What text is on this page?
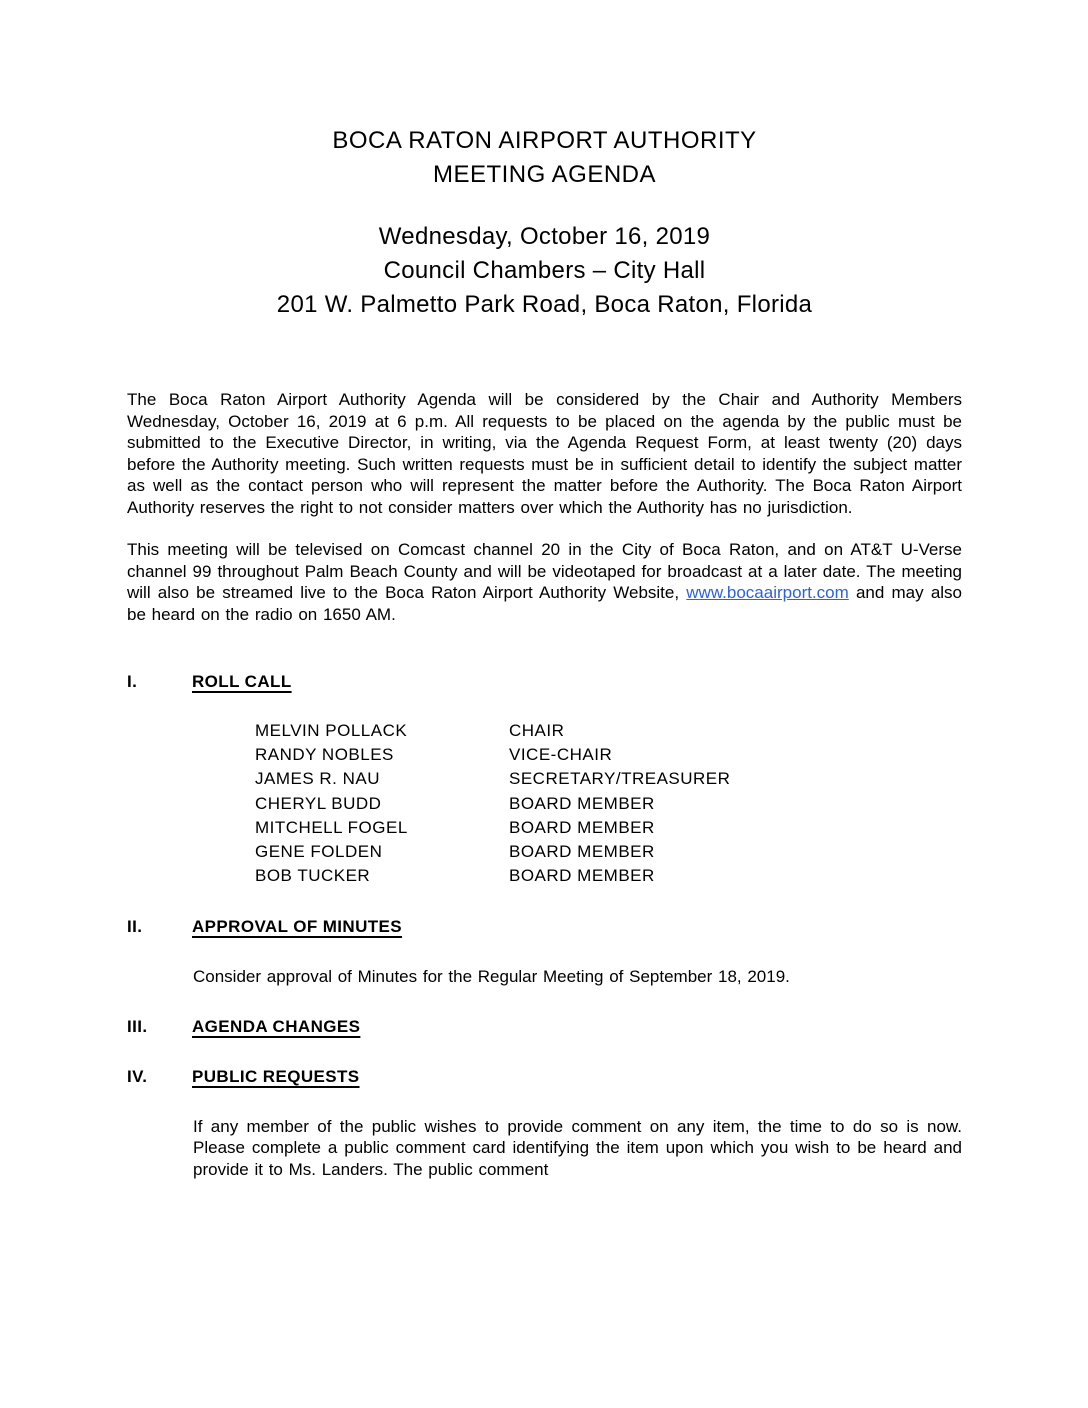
BOCA RATON AIRPORT AUTHORITY
MEETING AGENDA
Wednesday, October 16, 2019
Council Chambers – City Hall
201 W. Palmetto Park Road, Boca Raton, Florida

The Boca Raton Airport Authority Agenda will be considered by the Chair and Authority Members Wednesday, October 16, 2019 at 6 p.m. All requests to be placed on the agenda by the public must be submitted to the Executive Director, in writing, via the Agenda Request Form, at least twenty (20) days before the Authority meeting. Such written requests must be in sufficient detail to identify the subject matter as well as the contact person who will represent the matter before the Authority. The Boca Raton Airport Authority reserves the right to not consider matters over which the Authority has no jurisdiction.

This meeting will be televised on Comcast channel 20 in the City of Boca Raton, and on AT&T U-Verse channel 99 throughout Palm Beach County and will be videotaped for broadcast at a later date. The meeting will also be streamed live to the Boca Raton Airport Authority Website, www.bocaairport.com and may also be heard on the radio on 1650 AM.

I.	ROLL CALL
MELVIN POLLACK	CHAIR
RANDY NOBLES	VICE-CHAIR
JAMES R. NAU	SECRETARY/TREASURER
CHERYL BUDD	BOARD MEMBER
MITCHELL FOGEL	BOARD MEMBER
GENE FOLDEN	BOARD MEMBER
BOB TUCKER	BOARD MEMBER
II.	APPROVAL OF MINUTES

Consider approval of Minutes for the Regular Meeting of September 18, 2019.

III.	AGENDA CHANGES
IV.	PUBLIC REQUESTS

If any member of the public wishes to provide comment on any item, the time to do so is now. Please complete a public comment card identifying the item upon which you wish to be heard and provide it to Ms. Landers. The public comment
